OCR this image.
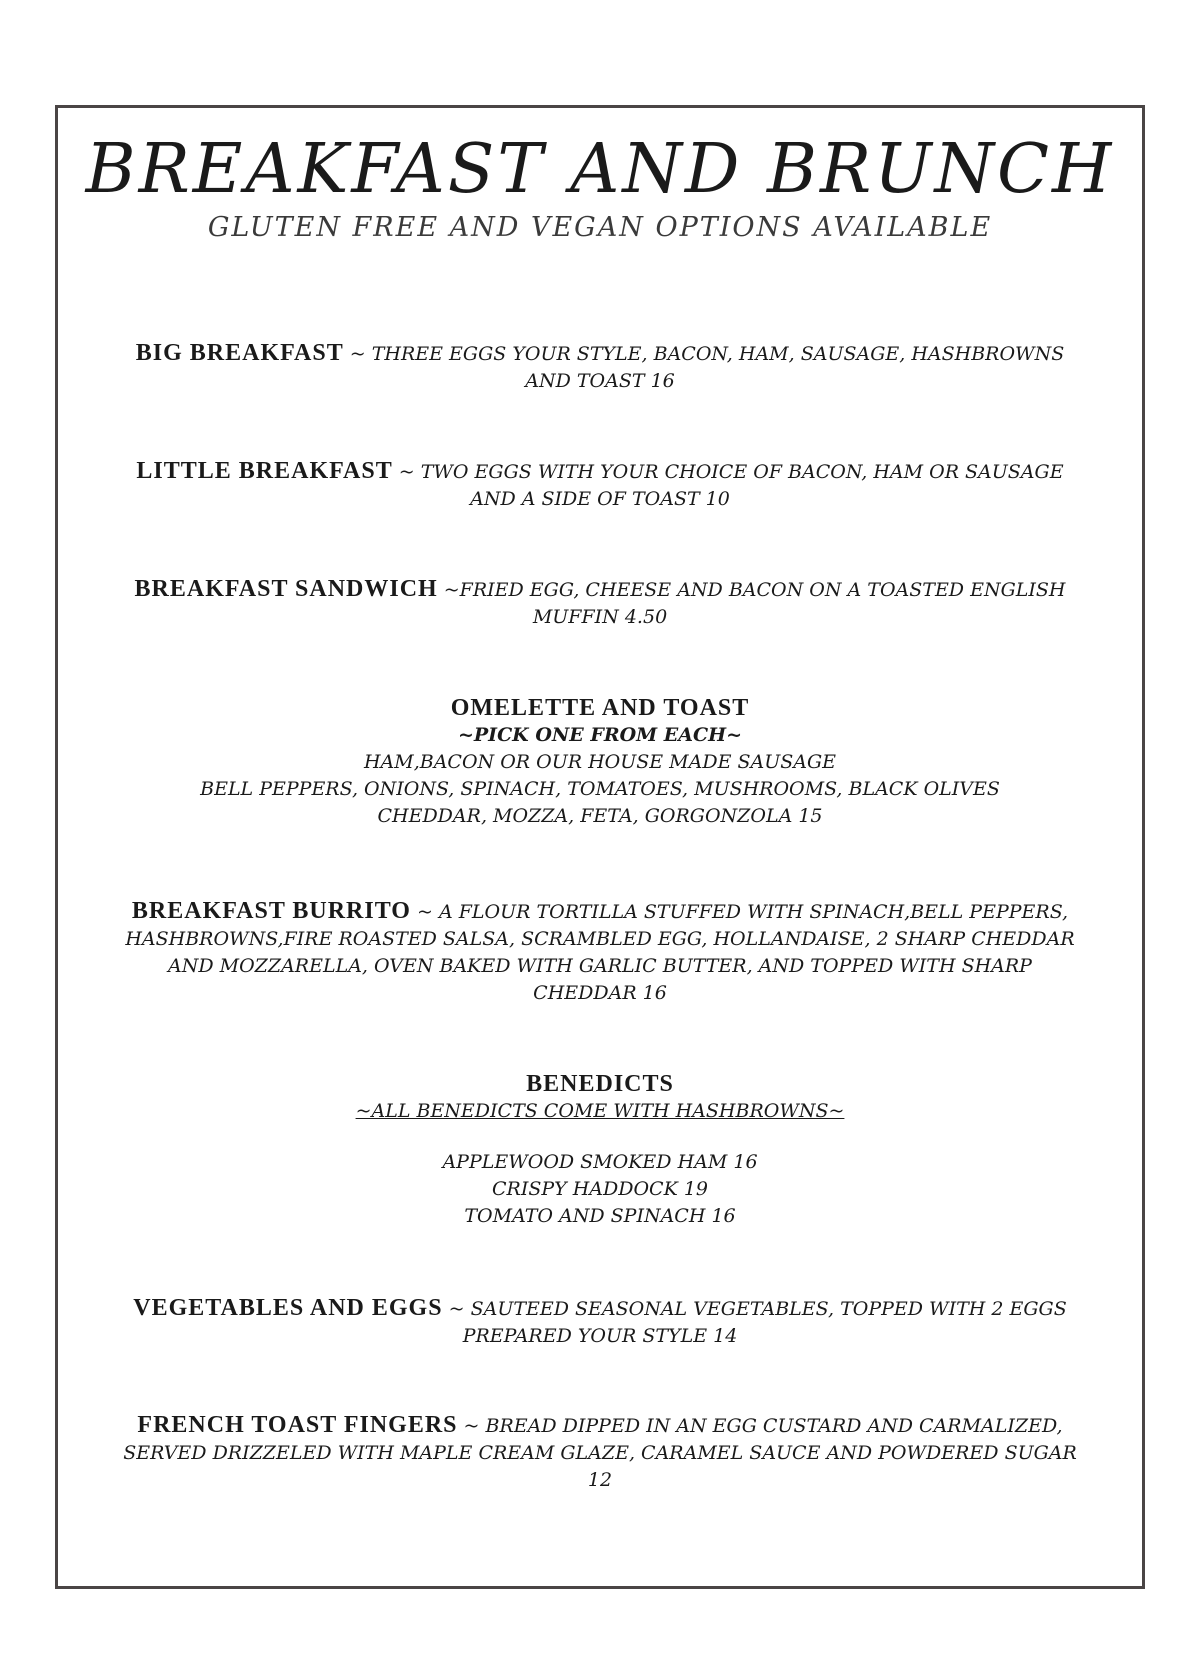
BREAKFAST AND BRUNCH

GLUTEN FREE AND VEGAN OPTIONS AVAILABLE

BIG BREAKFAST ~ THREE EGGS YOUR STYLE, BACON, HAM, SAUSAGE, HASHBROWNS AND TOAST 16

LITTLE BREAKFAST ~ TWO EGGS WITH YOUR CHOICE OF BACON, HAM OR SAUSAGE AND A SIDE OF TOAST 10

BREAKFAST SANDWICH ~FRIED EGG, CHEESE AND BACON ON A TOASTED ENGLISH MUFFIN 4.50

OMELETTE AND TOAST
~PICK ONE FROM EACH~
HAM,BACON OR OUR HOUSE MADE SAUSAGE
BELL PEPPERS, ONIONS, SPINACH, TOMATOES, MUSHROOMS, BLACK OLIVES
CHEDDAR, MOZZA, FETA, GORGONZOLA 15

BREAKFAST BURRITO ~ A FLOUR TORTILLA STUFFED WITH SPINACH,BELL PEPPERS, HASHBROWNS,FIRE ROASTED SALSA, SCRAMBLED EGG, HOLLANDAISE, 2 SHARP CHEDDAR AND MOZZARELLA, OVEN BAKED WITH GARLIC BUTTER, AND TOPPED WITH SHARP CHEDDAR 16

BENEDICTS
~ALL BENEDICTS COME WITH HASHBROWNS~
APPLEWOOD SMOKED HAM 16
CRISPY HADDOCK 19
TOMATO AND SPINACH 16

VEGETABLES AND EGGS ~ SAUTEED SEASONAL VEGETABLES, TOPPED WITH 2 EGGS PREPARED YOUR STYLE 14

FRENCH TOAST FINGERS ~ BREAD DIPPED IN AN EGG CUSTARD AND CARMALIZED, SERVED DRIZZELED WITH MAPLE CREAM GLAZE, CARAMEL SAUCE AND POWDERED SUGAR 12
